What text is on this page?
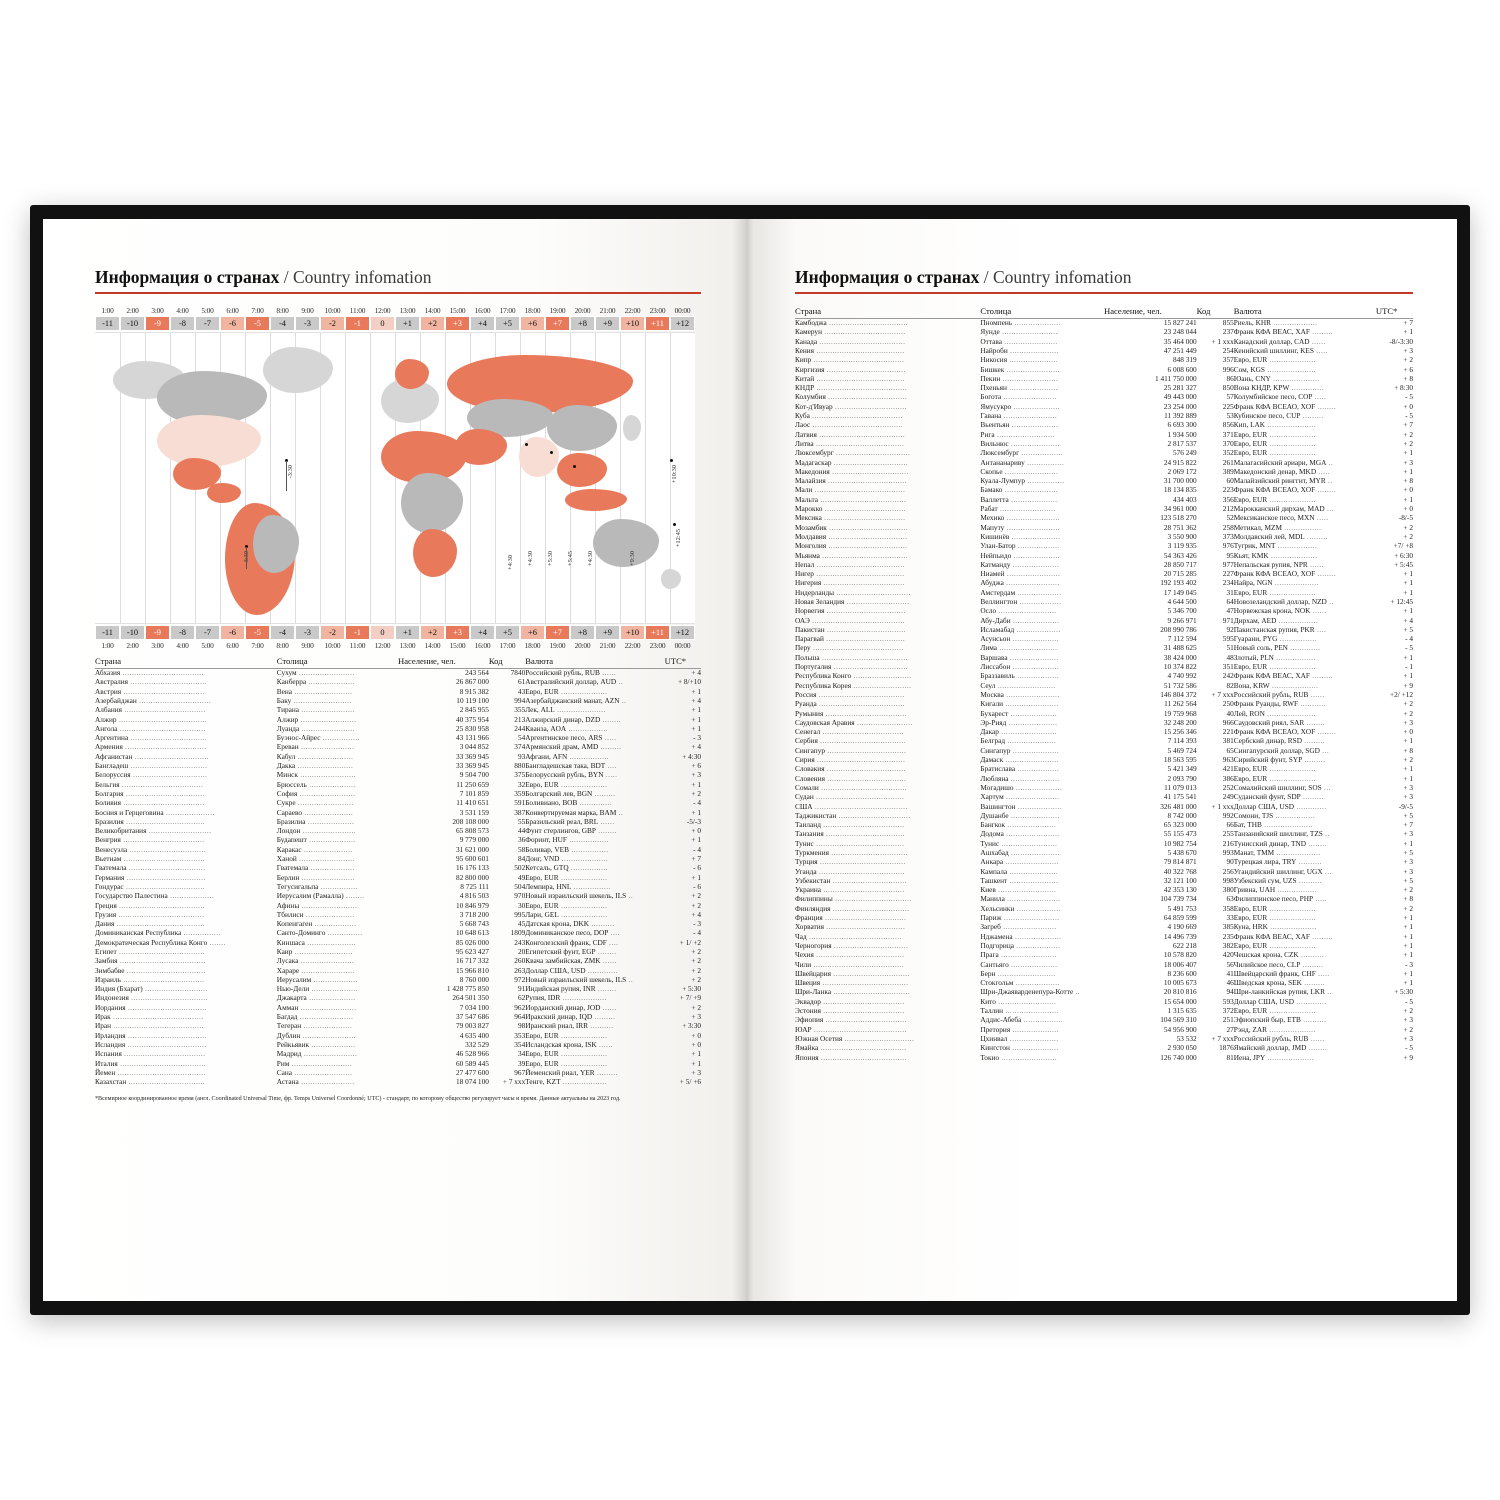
Информация о странах / Country infomation
1:00	2:00	3:00	4:00	5:00	6:00	7:00	8:00	9:00	10:00	11:00	12:00	13:00	14:00	15:00	16:00	17:00	18:00	19:00	20:00	21:00	22:00	23:00	00:00
-11	-10	-9	-8	-7	-6	-5	-4	-3	-2	-1	0	+1	+2	+3	+4	+5	+6	+7	+8	+9	+10	+11	+12
-3:30
+4:30 +4:30 +5:30 +5:45 +4:30	+9:30
+10:30
+12:45
-11	-10	-9	-8	-7	-6	-5	-4	-3	-2	-1	0	+1	+2	+3	+4	+5	+6	+7	+8	+9	+10	+11	+12
1:00	2:00	3:00	4:00	5:00	6:00	7:00	8:00	9:00	10:00	11:00	12:00	13:00	14:00	15:00	16:00	17:00	18:00	19:00	20:00	21:00	22:00	23:00	00:00
Страна	Столица	Население, чел.	Код	Валюта	UTC*
Абхазия ...................................	Сухум ........................	243 564	7840	Российский рубль, RUB ......	+ 4
Австралия .................................	Канберра ....................	26 867 000	61	Австралийский доллар, AUD ..	+ 8/+10
Австрия ...................................	Вена .........................	8 915 382	43	Евро, EUR ....................	+ 1
Азербайджан ...............................	Баку .........................	10 119 100	994	Азербайджанский манат, AZN ..	+ 4
Албания ...................................	Тирана .......................	2 845 955	355	Лек, ALL .....................	+ 1
Алжир ......................................	Алжир ........................	40 375 954	213	Алжирский динар, DZD ........	+ 1
Ангола .....................................	Луанда .......................	25 830 958	244	Кванза, AOA .................	+ 1
Аргентина .................................	Буэнос-Айрес ................	43 131 966	54	Аргентинское песо, ARS .....	- 3
Армения ...................................	Ереван .......................	3 044 852	374	Армянский драм, AMD .........	+ 4
Афганистан ................................	Кабул ........................	33 369 945	93	Афгани, AFN .................	+ 4:30
Бангладеш .................................	Дакка ........................	33 369 945	880	Бангладешская така, BDT ....	+ 6
Белоруссия ................................	Минск ........................	9 504 700	375	Белорусский рубль, BYN .....	+ 3
Бельгия ...................................	Брюссель ....................	11 250 659	32	Евро, EUR ....................	+ 1
Болгария ..................................	София ........................	7 101 859	359	Болгарский лев, BGN .........	+ 2
Боливия ...................................	Сукре ........................	11 410 651	591	Боливиано, BOB ..............	- 4
Босния и Герцеговина .....................	Сараево .....................	3 531 159	387	Конвертируемая марка, BAM ..	+ 1
Бразилия ..................................	Бразилиа ....................	208 108 000	55	Бразильский реал, BRL ......	-5/-3
Великобритания ...........................	Лондон .......................	65 808 573	44	Фунт стерлингов, GBP ........	+ 0
Венгрия ...................................	Будапешт ....................	9 779 000	36	Форинт, HUF .................	+ 1
Венесуэла .................................	Каракас .....................	31 621 000	58	Боливар, VEB ................	- 4
Вьетнам ...................................	Ханой ........................	95 600 601	84	Донг, VND ....................	+ 7
Гватемала .................................	Гватемала ...................	16 176 133	502	Кетсаль, GTQ ................	- 6
Германия ..................................	Берлин .......................	82 800 000	49	Евро, EUR ....................	+ 1
Гондурас ..................................	Тегусигальпа ................	8 725 111	504	Лемпира, HNL ................	- 6
Государство Палестина ...................	Иерусалим (Рамалла) ........	4 816 503	970	Новый израильский шекель, ILS ..	+ 2
Греция .....................................	Афины ........................	10 846 979	30	Евро, EUR ....................	+ 2
Грузия .....................................	Тбилиси .....................	3 718 200	995	Лари, GEL ....................	+ 4
Дания ......................................	Копенгаген ..................	5 668 743	45	Датская крона, DKK ..........	- 3
Доминиканская Республика ................	Санто-Доминго ...............	10 648 613	1809	Доминиканское песо, DOP ....	- 4
Демократическая Республика Конго .......	Киншаса .....................	85 026 000	243	Конголезский франк, CDF ....	+ 1/ +2
Египет .....................................	Каир .........................	95 623 427	20	Египетский фунт, EGP ........	+ 2
Замбия .....................................	Лусака .......................	16 717 332	260	Квача замбийская, ZMK ......	+ 2
Зимбабве ..................................	Хараре .......................	15 966 810	263	Доллар США, USD .............	+ 2
Израиль ...................................	Иерусалим ...................	8 760 000	972	Новый израильский шекель, ILS ..	+ 2
Индия (Бхарат) ...........................	Нью-Дели ....................	1 428 775 850	91	Индийская рупия, INR ........	+ 5:30
Индонезия .................................	Джакарта ....................	264 501 350	62	Рупия, IDR ...................	+ 7/ +9
Иордания ..................................	Амман ........................	7 034 100	962	Иорданский динар, JOD ......	+ 2
Ирак .......................................	Багдад .......................	37 547 686	964	Иракский динар, IQD .........	+ 3
Иран .......................................	Тегеран .....................	79 003 827	98	Иранский риал, IRR ..........	+ 3:30
Ирландия ..................................	Дублин .......................	4 635 400	353	Евро, EUR ....................	+ 0
Исландия ..................................	Рейкьявик ...................	332 529	354	Исландская крона, ISK ......	+ 0
Испания ...................................	Мадрид .......................	46 528 966	34	Евро, EUR ....................	+ 1
Италия .....................................	Рим ..........................	60 589 445	39	Евро, EUR ....................	+ 1
Йемен ......................................	Сана .........................	27 477 600	967	Йеменский риал, YER .........	+ 3
Казахстан .................................	Астана .......................	18 074 100	+ 7 xxx	Тенге, KZT ...................	+ 5/ +6
*Всемирное координированное время (англ. Coordinated Universal Time, фр. Temps Universel Coordonné; UTC) - стандарт, по которому общество регулирует часы и время. Данные актуальны на 2023 год.
Информация о странах / Country infomation
Страна	Столица	Население, чел.	Код	Валюта	UTC*
Камбоджа ..................................	Пномпень ....................	15 827 241	855	Риель, KHR ...................	+ 7
Камерун ...................................	Яунде ........................	23 248 044	237	Франк КФА ВЕАС, XAF .........	+ 1
Канада .....................................	Оттава .......................	35 464 000	+ 1 xxx	Канадский доллар, CAD ......	-8/-3:30
Кения ......................................	Найроби .....................	47 251 449	254	Кенийский шиллинг, KES .....	+ 3
Кипр .......................................	Никосия .....................	848 319	357	Евро, EUR ....................	+ 2
Киргизия ..................................	Бишкек .......................	6 008 600	996	Сом, KGS .....................	+ 6
Китай ......................................	Пекин ........................	1 411 750 000	86	Юань, CNY ....................	+ 8
КНДР .......................................	Пхеньян .....................	25 281 327	850	Вона КНДР, KPW ..............	+ 8:30
Колумбия ..................................	Богота .......................	49 443 000	57	Колумбийское песо, COP .....	- 5
Кот-д'Ивуар ...............................	Ямусукро ....................	23 254 000	225	Франк КФА ВСЕАО, XOF ........	+ 0
Куба .......................................	Гавана .......................	11 392 889	53	Кубинское песо, CUP .........	- 5
Лаос .......................................	Вьентьян ....................	6 693 300	856	Кип, LAK .....................	+ 7
Латвия .....................................	Рига .........................	1 934 500	371	Евро, EUR ....................	+ 2
Литва ......................................	Вильнюс .....................	2 817 537	370	Евро, EUR ....................	+ 2
Люксембург ................................	Люксембург ..................	576 249	352	Евро, EUR ....................	+ 1
Мадагаскар ................................	Антананариву ................	24 915 822	261	Малагасийский ариари, MGA ..	+ 3
Македония .................................	Скопье .......................	2 069 172	389	Македонский денар, MKD .....	+ 1
Малайзия ..................................	Куала-Лумпур ................	31 700 000	60	Малайзийский ринггит, MYR ..	+ 8
Мали .......................................	Бамако .......................	18 134 835	223	Франк КФА ВСЕАО, XOF ........	+ 0
Мальта .....................................	Валлетта ....................	434 403	356	Евро, EUR ....................	+ 1
Марокко ...................................	Рабат ........................	34 961 000	212	Марокканский дирхам, MAD ...	+ 0
Мексика ...................................	Мехико .......................	123 518 270	52	Мексиканское песо, MXN .....	-8/-5
Мозамбик ..................................	Мапуту .......................	28 751 362	258	Метикал, MZM ................	+ 2
Молдавия ..................................	Кишинёв .....................	3 550 900	373	Молдавский лей, MDL .........	+ 2
Монголия ..................................	Улан-Батор ..................	3 119 935	976	Тугрик, MNT .................	+7/ +8
Мьянма .....................................	Нейпьидо ....................	54 363 426	95	Кьят, KMK ....................	+ 6:30
Непал ......................................	Катманду ....................	28 850 717	977	Непальская рупия, NPR ......	+ 5:45
Нигер ......................................	Ниамей .......................	20 715 285	227	Франк КФА ВСЕАО, XOF ........	+ 1
Нигерия ...................................	Абуджа .......................	192 193 402	234	Найра, NGN ...................	+ 1
Нидерланды ................................	Амстердам ...................	17 149 045	31	Евро, EUR ....................	+ 1
Новая Зеландия ...........................	Веллингтон ..................	4 644 500	64	Новозеландский доллар, NZD ..	+ 12:45
Норвегия ..................................	Осло .........................	5 346 700	47	Норвежская крона, NOK ......	+ 1
ОАЭ ........................................	Абу-Даби ....................	9 266 971	971	Дирхам, AED .................	+ 4
Пакистан ..................................	Исламабад ...................	208 990 786	92	Пакистанская рупия, PKR ....	+ 5
Парагвай ..................................	Асунсьон ....................	7 112 594	595	Гуарани, PYG ................	- 4
Перу .......................................	Лима .........................	31 488 625	51	Новый соль, PEN .............	- 5
Польша .....................................	Варшава .....................	38 424 000	48	Злотый, PLN .................	+ 1
Португалия ................................	Лиссабон ....................	10 374 822	351	Евро, EUR ....................	- 1
Республика Конго .........................	Браззавиль ..................	4 740 992	242	Франк КФА ВЕАС, XAF .........	+ 1
Республика Корея .........................	Сеул .........................	51 732 586	82	Вона, KRW ....................	+ 9
Россия .....................................	Москва .......................	146 804 372	+ 7 xxx	Российский рубль, RUB ......	+2/ +12
Руанда .....................................	Кигали .......................	11 262 564	250	Франк Руанды, RWF ...........	+ 2
Румыния ...................................	Бухарест ....................	19 759 968	40	Лей, RON .....................	+ 2
Саудовская Аравия ........................	Эр-Рияд .....................	32 248 200	966	Саудовский риял, SAR ........	+ 3
Сенегал ...................................	Дакар ........................	15 256 346	221	Франк КФА ВСЕАО, XOF ........	+ 0
Сербия .....................................	Белград .....................	7 114 393	381	Сербский динар, RSD .........	+ 1
Сингапур ..................................	Сингапур ....................	5 469 724	65	Сингапурский доллар, SGD ...	+ 8
Сирия ......................................	Дамаск .......................	18 563 595	963	Сирийский фунт, SYP .........	+ 2
Словакия ..................................	Братислава ..................	5 421 349	421	Евро, EUR ....................	+ 1
Словения ..................................	Любляна .....................	2 093 790	386	Евро, EUR ....................	+ 1
Сомали .....................................	Могадишо ....................	11 079 013	252	Сомалийский шиллинг, SOS ...	+ 3
Судан ......................................	Хартум .......................	41 175 541	249	Суданский фунт, SDP .........	+ 3
США ........................................	Вашингтон ...................	326 481 000	+ 1 xxx	Доллар США, USD .............	-9/-5
Таджикистан ...............................	Душанбе .....................	8 742 000	992	Сомони, TJS .................	+ 5
Таиланд ...................................	Бангкок .....................	65 323 000	66	Бат, THB .....................	+ 7
Танзания ..................................	Додома .......................	55 155 473	255	Танзанийский шиллинг, TZS ..	+ 3
Тунис ......................................	Тунис ........................	10 982 754	216	Тунисский динар, TND ........	+ 1
Туркмения .................................	Ашхабад .....................	5 438 670	993	Манат, TMM ...................	+ 5
Турция .....................................	Анкара .......................	79 814 871	90	Турецкая лира, TRY ..........	+ 3
Уганда .....................................	Кампала .....................	40 322 768	256	Угандийский шиллинг, UGX ...	+ 3
Узбекистан ................................	Ташкент .....................	32 121 100	998	Узбекский сум, UZS ..........	+ 5
Украина ...................................	Киев .........................	42 353 130	380	Гривна, UAH .................	+ 2
Филиппины .................................	Манила .......................	104 739 734	63	Филиппинское песо, PHP .....	+ 8
Финляндия .................................	Хельсинки ...................	5 491 753	358	Евро, EUR ....................	+ 2
Франция ...................................	Париж ........................	64 859 599	33	Евро, EUR ....................	+ 1
Хорватия ..................................	Загреб .......................	4 190 669	385	Куна, HRK ....................	+ 1
Чад ........................................	Нджамена ....................	14 496 739	235	Франк КФА ВЕАС, XAF .........	+ 1
Черногория ................................	Подгорица ...................	622 218	382	Евро, EUR ....................	+ 1
Чехия ......................................	Прага ........................	10 578 820	420	Чешская крона, CZK ..........	+ 1
Чили .......................................	Сантьяго ....................	18 006 407	56	Чилийское песо, CLP .........	- 3
Швейцария .................................	Берн .........................	8 236 600	41	Швейцарский франк, CHF .....	+ 1
Швеция .....................................	Стокгольм ...................	10 005 673	46	Шведская крона, SEK .........	+ 1
Шри-Ланка .................................	Шри-Джаяварденепура-Котте ..	20 810 816	94	Шри-ланкийская рупия, LKR ..	+ 5:30
Эквадор ...................................	Кито .........................	15 654 000	593	Доллар США, USD .............	- 5
Эстония ...................................	Таллин .......................	1 315 635	372	Евро, EUR ....................	+ 2
Эфиопия ...................................	Аддис-Абеба .................	104 569 310	251	Эфиопский быр, ETB ..........	+ 3
ЮАР ........................................	Претория ....................	54 956 900	27	Рэнд, ZAR ....................	+ 2
Южная Осетия ..............................	Цхинвал .....................	53 532	+ 7 xxx	Российский рубль, RUB ......	+ 3
Ямайка .....................................	Кингстон ....................	2 930 050	1876	Ямайский доллар, JMD ........	- 5
Япония .....................................	Токио ........................	126 740 000	81	Иена, JPY ....................	+ 9
